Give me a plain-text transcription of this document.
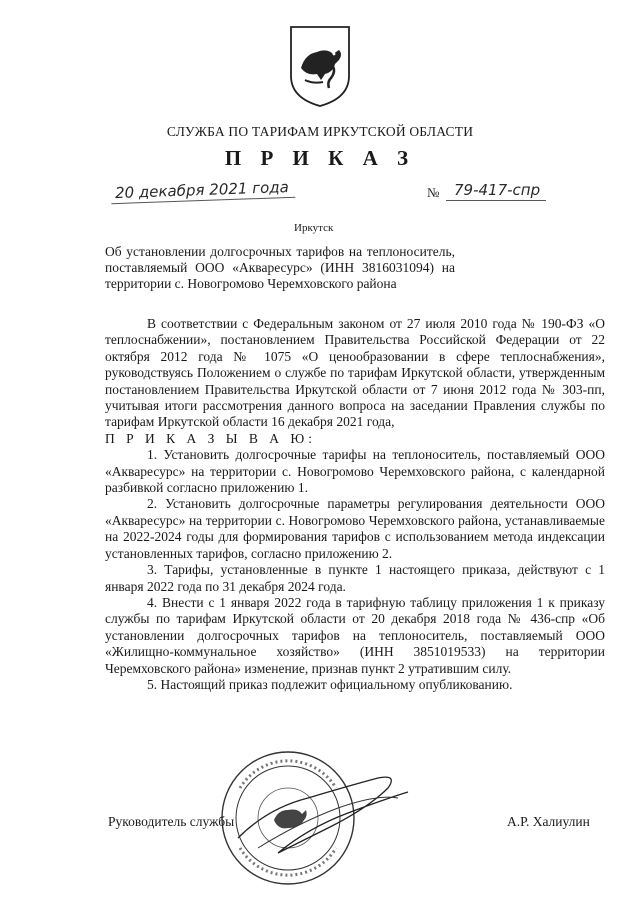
СЛУЖБА ПО ТАРИФАМ ИРКУТСКОЙ ОБЛАСТИ
П Р И К А З
20 декабря 2021 года	№ 79-417-спр
Иркутск
Об установлении долгосрочных тарифов на теплоноситель, поставляемый ООО «Акваресурс» (ИНН 3816031094) на территории с. Новогромово Черемховского района

В соответствии с Федеральным законом от 27 июля 2010 года № 190-ФЗ «О теплоснабжении», постановлением Правительства Российской Федерации от 22 октября 2012 года № 1075 «О ценообразовании в сфере теплоснабжения», руководствуясь Положением о службе по тарифам Иркутской области, утвержденным постановлением Правительства Иркутской области от 7 июня 2012 года № 303-пп, учитывая итоги рассмотрения данного вопроса на заседании Правления службы по тарифам Иркутской области 16 декабря 2021 года,

П Р И К А З Ы В А Ю:

1. Установить долгосрочные тарифы на теплоноситель, поставляемый ООО «Акваресурс» на территории с. Новогромово Черемховского района, с календарной разбивкой согласно приложению 1.

2. Установить долгосрочные параметры регулирования деятельности ООО «Акваресурс» на территории с. Новогромово Черемховского района, устанавливаемые на 2022-2024 годы для формирования тарифов с использованием метода индексации установленных тарифов, согласно приложению 2.

3. Тарифы, установленные в пункте 1 настоящего приказа, действуют с 1 января 2022 года по 31 декабря 2024 года.

4. Внести с 1 января 2022 года в тарифную таблицу приложения 1 к приказу службы по тарифам Иркутской области от 20 декабря 2018 года № 436-спр «Об установлении долгосрочных тарифов на теплоноситель, поставляемый ООО «Жилищно-коммунальное хозяйство» (ИНН 3851019533) на территории Черемховского района» изменение, признав пункт 2 утратившим силу.

5. Настоящий приказ подлежит официальному опубликованию.

Руководитель службы	А.Р. Халиулин
